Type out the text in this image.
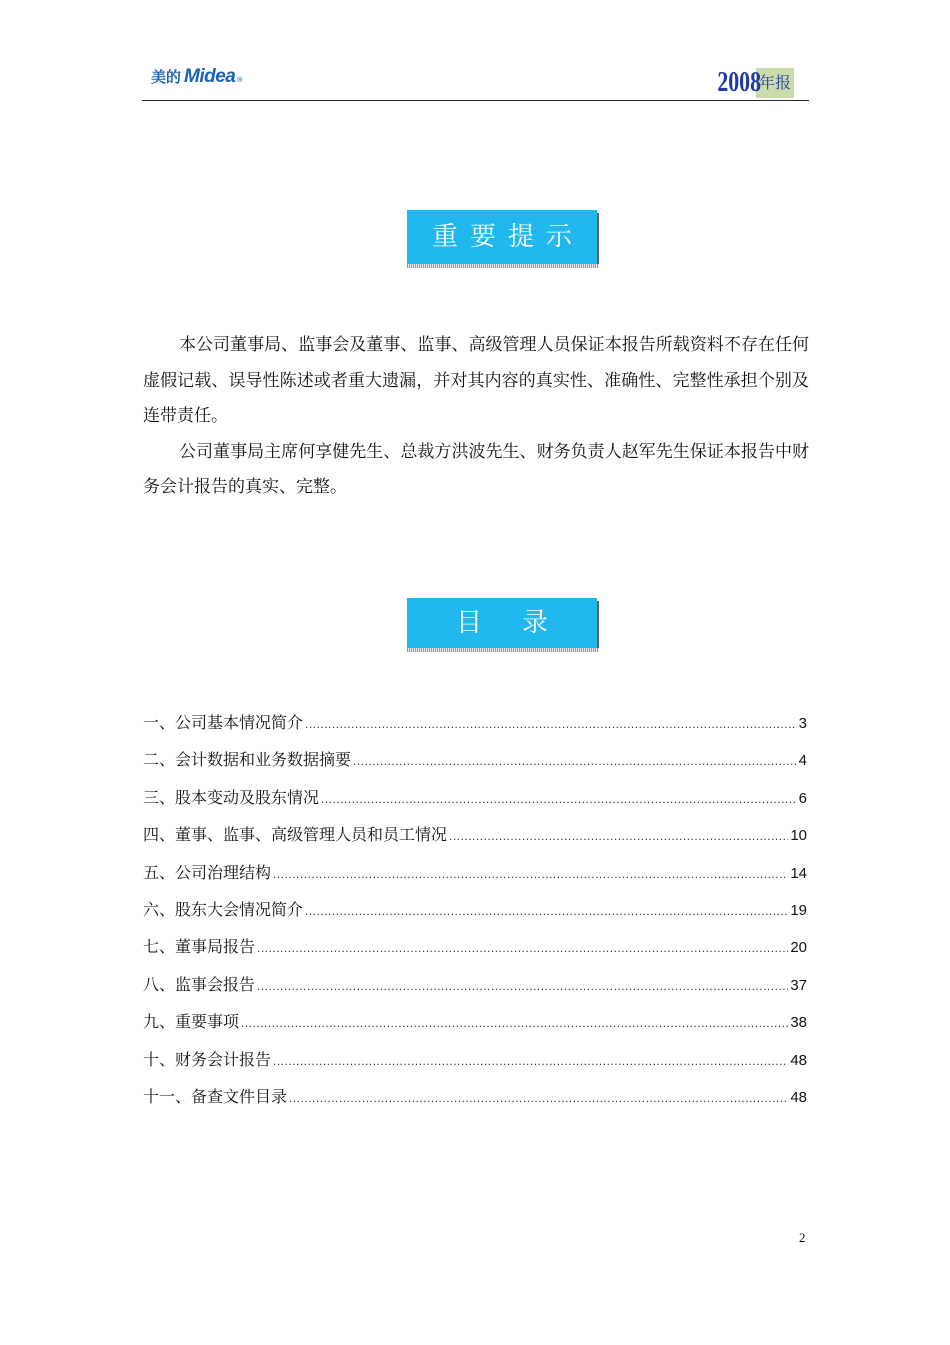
美的 Midea ®	2008
年报
重要提示

本公司董事局、监事会及董事、监事、高级管理人员保证本报告所载资料不存在任何虚假记载、误导性陈述或者重大遗漏，并对其内容的真实性、准确性、完整性承担个别及连带责任。

公司董事局主席何享健先生、总裁方洪波先生、财务负责人赵军先生保证本报告中财务会计报告的真实、完整。

目录
一、公司基本情况简介 .....	3
二、会计数据和业务数据摘要 .....	4
三、股本变动及股东情况 .....	6
四、董事、监事、高级管理人员和员工情况 .....	10
五、公司治理结构 .....	14
六、股东大会情况简介 .....	19
七、董事局报告 .....	20
八、监事会报告 .....	37
九、重要事项 .....	38
十、财务会计报告 .....	48
十一、备查文件目录 .....	48
2
